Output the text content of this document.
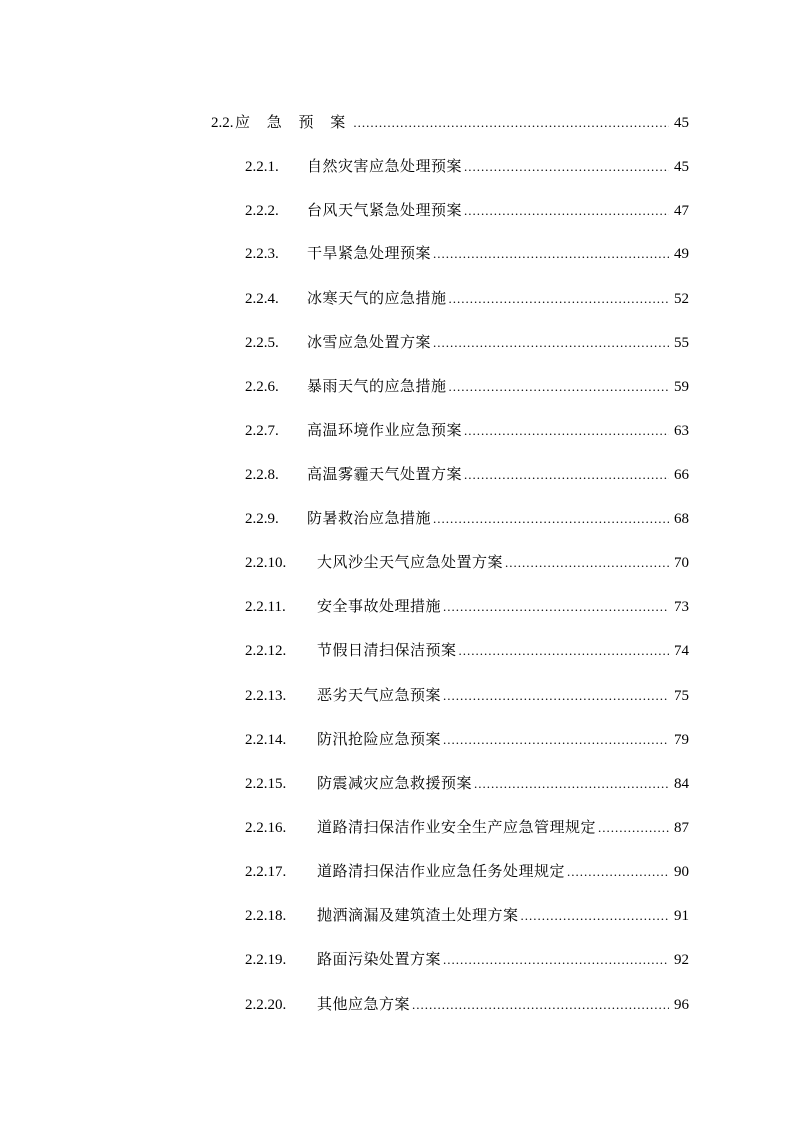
2.2. 应 急 预 案 .....	45
2.2.1.	自然灾害应急处理预案 .....	45
2.2.2.	台风天气紧急处理预案 .....	47
2.2.3.	干旱紧急处理预案 .....	49
2.2.4.	冰寒天气的应急措施 .....	52
2.2.5.	冰雪应急处置方案 .....	55
2.2.6.	暴雨天气的应急措施 .....	59
2.2.7.	高温环境作业应急预案 .....	63
2.2.8.	高温雾霾天气处置方案 .....	66
2.2.9.	防暑救治应急措施 .....	68
2.2.10.	大风沙尘天气应急处置方案 .....	70
2.2.11.	安全事故处理措施 .....	73
2.2.12.	节假日清扫保洁预案 .....	74
2.2.13.	恶劣天气应急预案 .....	75
2.2.14.	防汛抢险应急预案 .....	79
2.2.15.	防震减灾应急救援预案 .....	84
2.2.16.	道路清扫保洁作业安全生产应急管理规定 .....	87
2.2.17.	道路清扫保洁作业应急任务处理规定 .....	90
2.2.18.	抛洒滴漏及建筑渣土处理方案 .....	91
2.2.19.	路面污染处置方案 .....	92
2.2.20.	其他应急方案 .....	96
